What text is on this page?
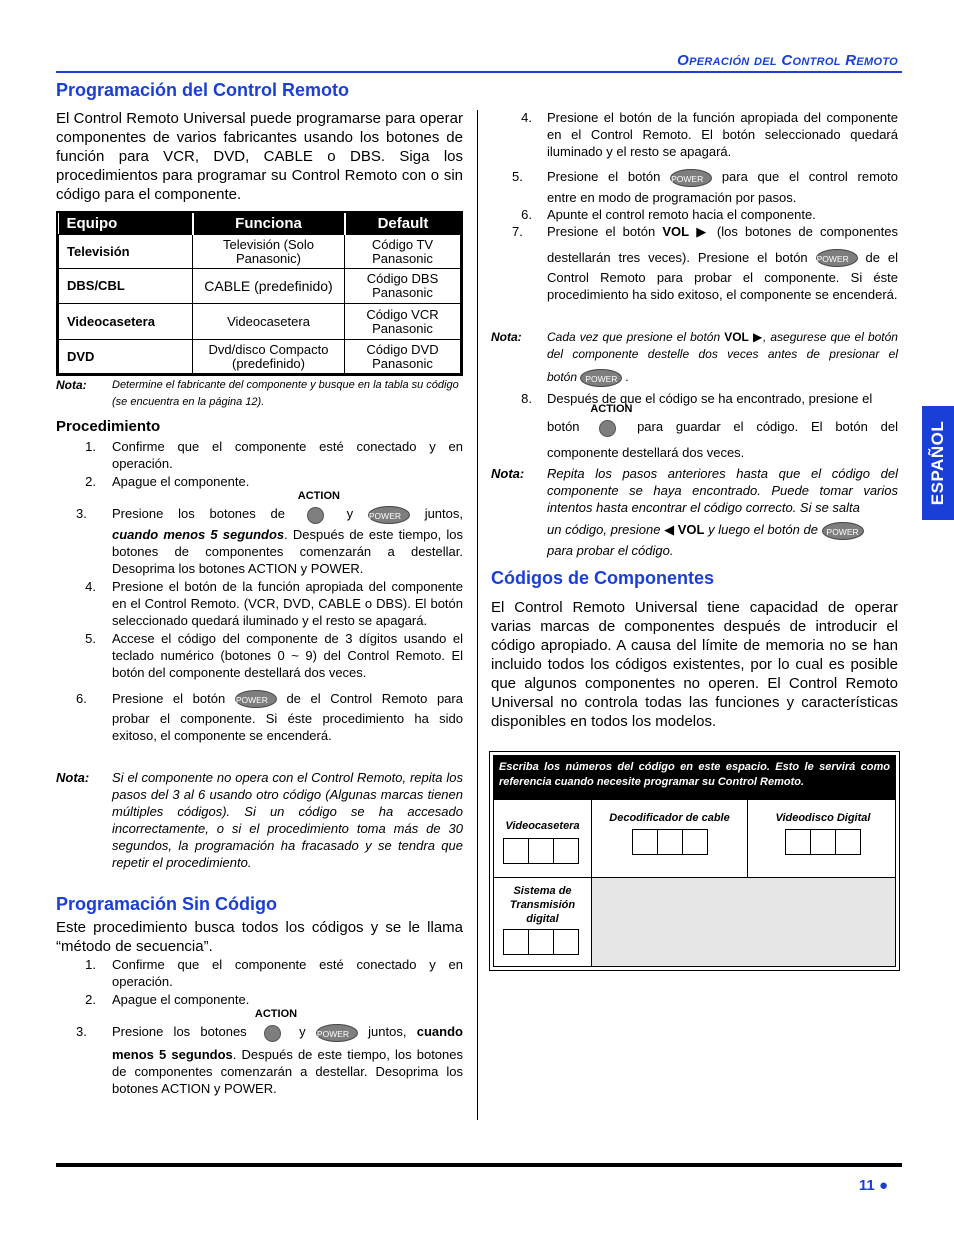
Operación del Control Remoto
ESPAÑOL
Programación del Control Remoto
El Control Remoto Universal puede programarse para operar componentes de varios fabricantes usando los botones de función para VCR, DVD, CABLE o DBS. Siga los procedimientos para programar su Control Remoto con o sin código para el componente.
Equipo	Funciona	Default
Televisión	Televisión (Solo Panasonic)	Código TV Panasonic
DBS/CBL	CABLE (predefinido)	Código DBS Panasonic
Videocasetera	Videocasetera	Código VCR Panasonic
DVD	Dvd/disco Compacto (predefinido)	Código DVD Panasonic
Nota: Determine el fabricante del componente y busque en la tabla su código (se encuentra en la página 12).
Procedimiento
1. Confirme que el componente esté conectado y en operación.
2. Apague el componente.
3.	Presione los botones de
ACTION
y POWER juntos,
cuando menos 5 segundos. Después de este tiempo, los botones de componentes comenzarán a destellar. Desoprima los botones ACTION y POWER.
4. Presione el botón de la función apropiada del componente en el Control Remoto. (VCR, DVD, CABLE o DBS). El botón seleccionado quedará iluminado y el resto se apagará.
5. Accese el código del componente de 3 dígitos usando el teclado numérico (botones 0 ~ 9) del Control Remoto. El botón del componente destellará dos veces.
6.	Presione el botón POWER de el Control Remoto para
probar el componente. Si éste procedimiento ha sido exitoso, el componente se encenderá.
Nota: Si el componente no opera con el Control Remoto, repita los pasos del 3 al 6 usando otro código (Algunas marcas tienen múltiples códigos). Si un código se ha accesado incorrectamente, o si el procedimiento toma más de 30 segundos, la programación ha fracasado y se tendra que repetir el procedimiento.
Programación Sin Código
Este procedimiento busca todos los códigos y se le llama “método de secuencia”.
1. Confirme que el componente esté conectado y en operación.
2. Apague el componente.
3.	Presione los botones
ACTION
y POWER juntos, cuando
menos 5 segundos. Después de este tiempo, los botones de componentes comenzarán a destellar. Desoprima los botones ACTION y POWER.
4. Presione el botón de la función apropiada del componente en el Control Remoto. El botón seleccionado quedará iluminado y el resto se apagará.
5.	Presione el botón POWER para que el control remoto
entre en modo de programación por pasos.
6. Apunte el control remoto hacia el componente.
7.	Presione el botón VOL ▶ (los botones de componentes
destellarán tres veces). Presione el botón POWER de el
Control Remoto para probar el componente. Si éste procedimiento ha sido exitoso, el componente se encenderá.
Nota: Cada vez que presione el botón VOL ▶, asegurese que el botón del componente destelle dos veces antes de presionar el
botón POWER .
8. Después de que el código se ha encontrado, presione el
botón
ACTION
para guardar el código. El botón del
componente destellará dos veces.
Nota: Repita los pasos anteriores hasta que el código del componente se haya encontrado. Puede tomar varios intentos hasta encontrar el código correcto. Si se salta
un código, presione ◀ VOL y luego el botón de POWER
para probar el código.
Códigos de Componentes
El Control Remoto Universal tiene capacidad de operar varias marcas de componentes después de introducir el código apropiado. A causa del límite de memoria no se han incluido todos los códigos existentes, por lo cual es posible que algunos componentes no operen. El Control Remoto Universal no controla todas las funciones y características disponibles en todos los modelos.
Escriba los números del código en este espacio. Esto le servirá como referencia cuando necesite programar su Control Remoto.
Videocasetera
Decodificador de cable	Videodisco Digital
Sistema de Transmisión digital
11 ●
